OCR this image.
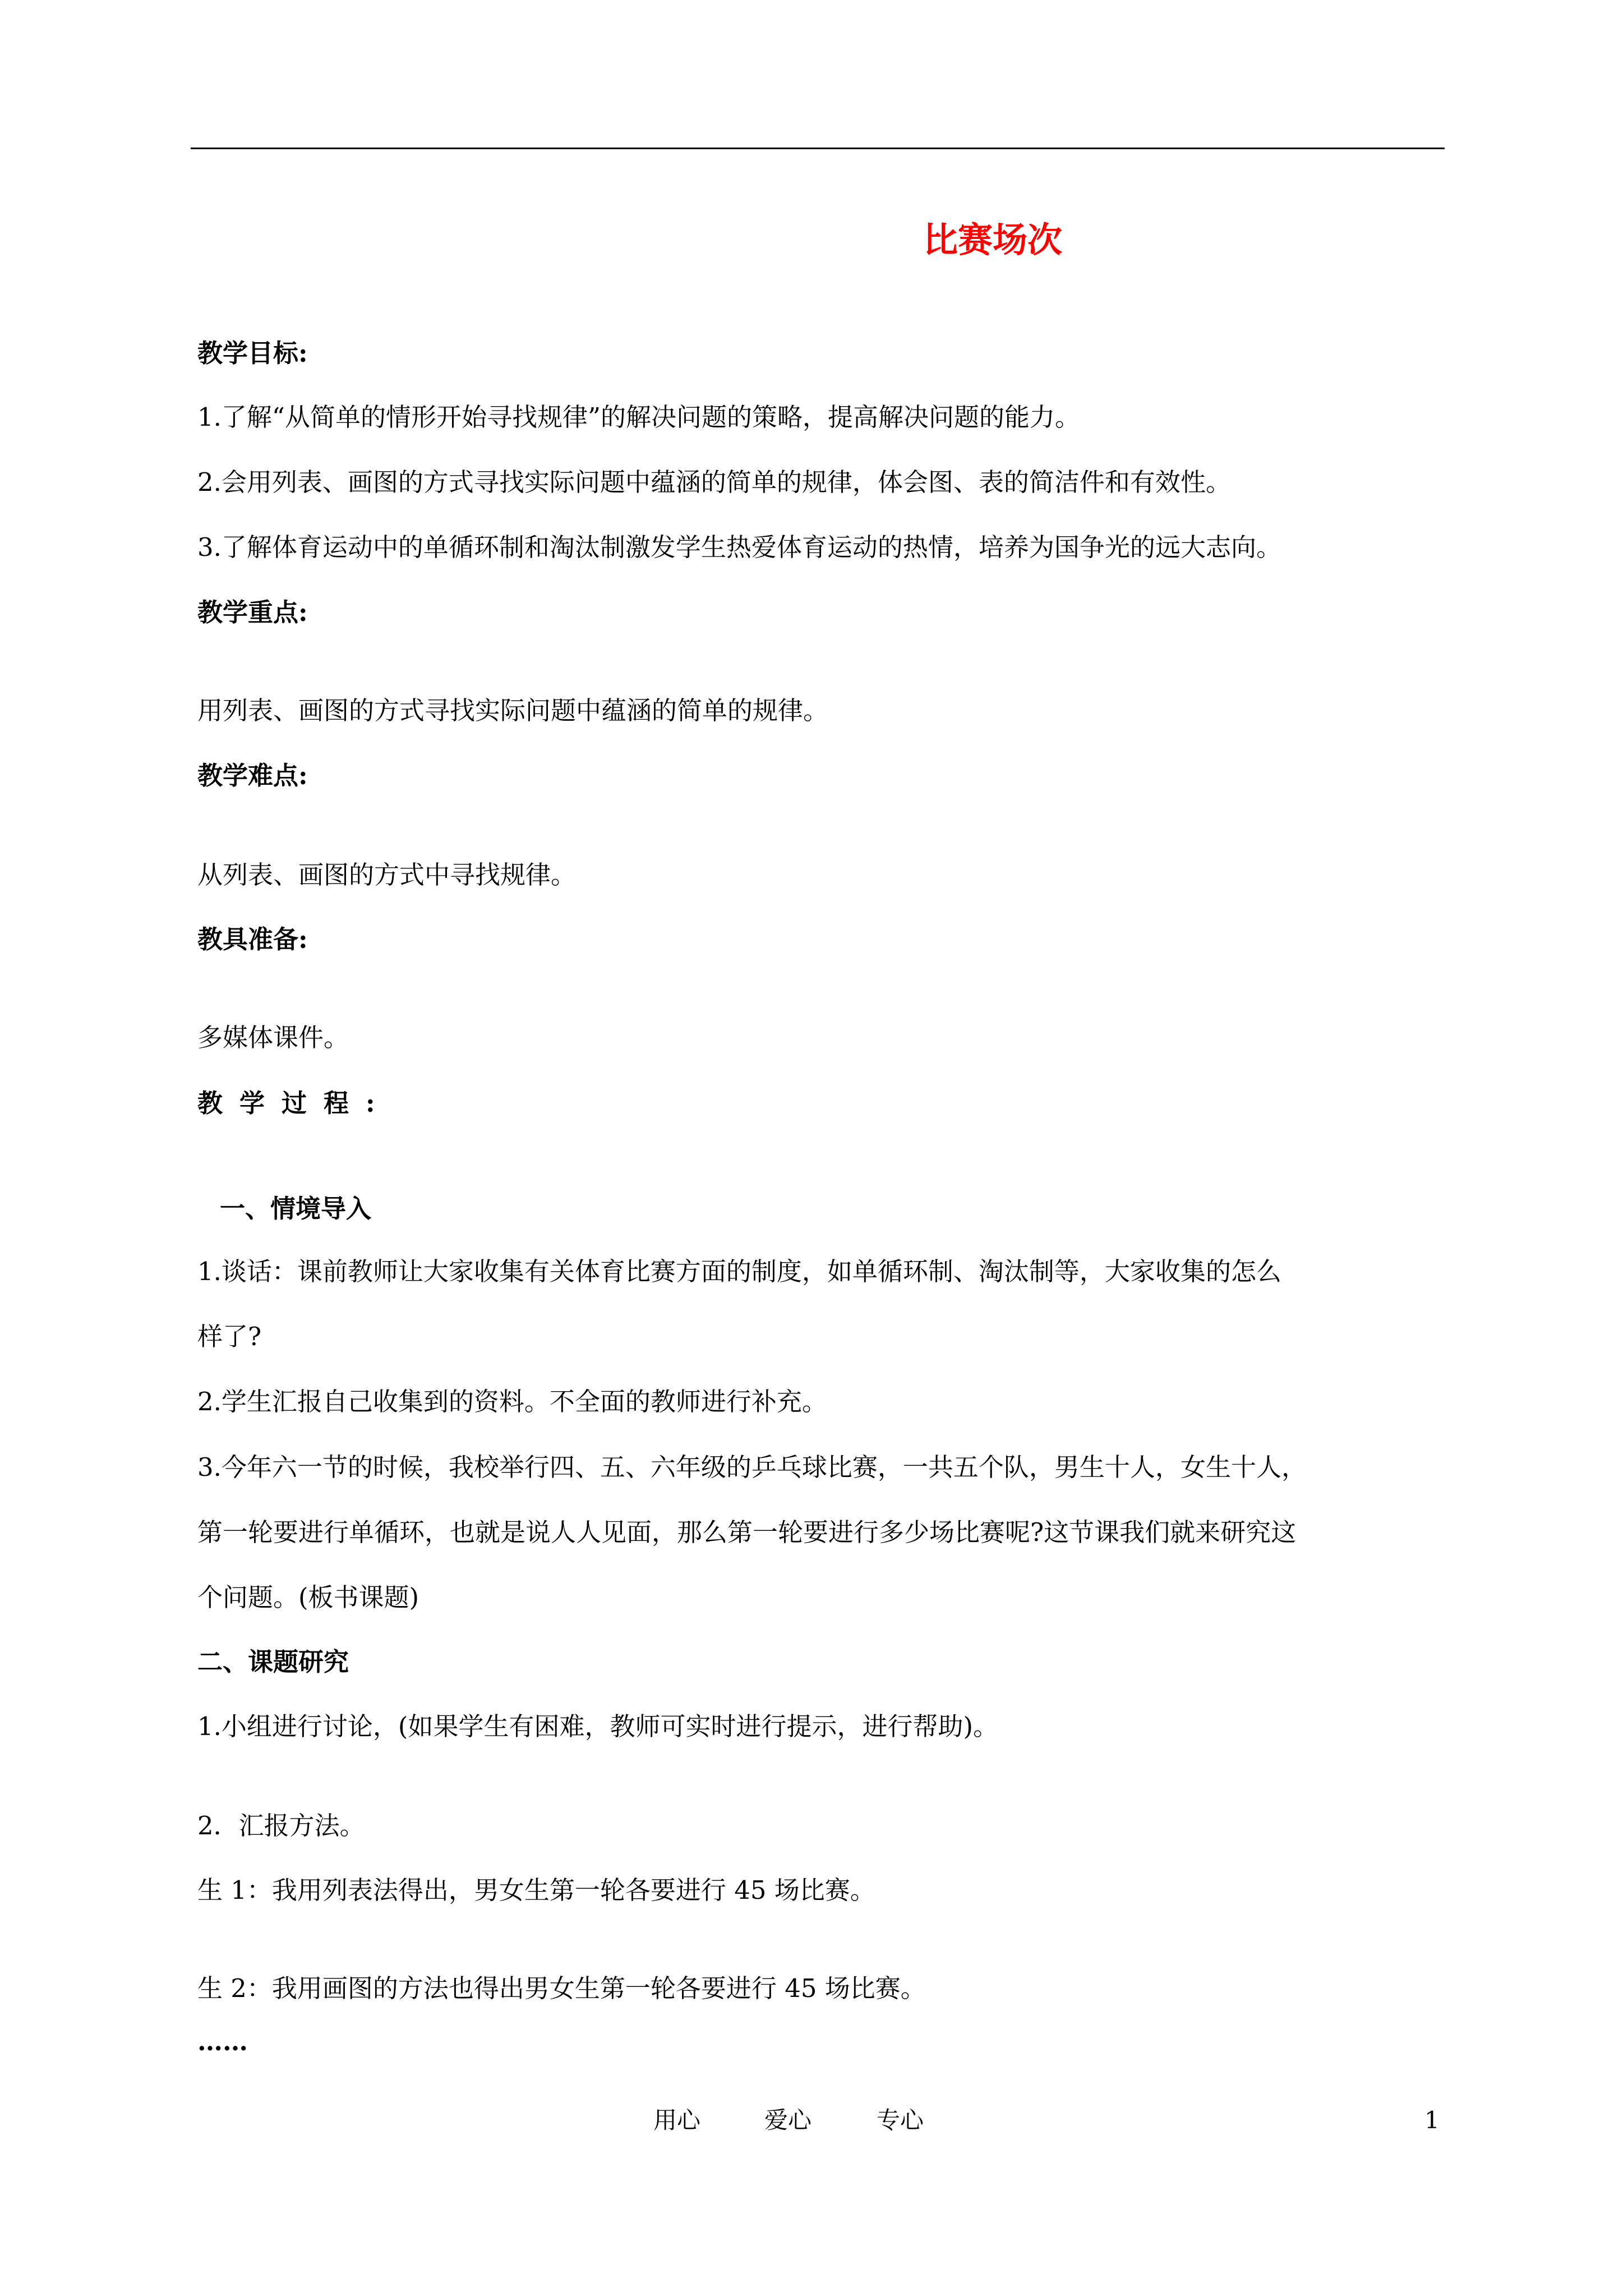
比赛场次
教学目标:
1.了解“从简单的情形开始寻找规律”的解决问题的策略，提高解决问题的能力。
2.会用列表、画图的方式寻找实际问题中蕴涵的简单的规律，体会图、表的简洁件和有效性。
3.了解体育运动中的单循环制和淘汰制激发学生热爱体育运动的热情，培养为国争光的远大志向。
教学重点:
用列表、画图的方式寻找实际问题中蕴涵的简单的规律。
教学难点:
从列表、画图的方式中寻找规律。
教具准备:
多媒体课件。
教学过程:
一、情境导入
1.谈话：课前教师让大家收集有关体育比赛方面的制度，如单循环制、淘汰制等，大家收集的怎么
样了?
2.学生汇报自己收集到的资料。不全面的教师进行补充。
3.今年六一节的时候，我校举行四、五、六年级的乒乓球比赛，一共五个队，男生十人，女生十人，
第一轮要进行单循环，也就是说人人见面，那么第一轮要进行多少场比赛呢?这节课我们就来研究这
个问题。(板书课题)
二、课题研究
1.小组进行讨论，(如果学生有困难，教师可实时进行提示，进行帮助)。
2．汇报方法。
生 1：我用列表法得出，男女生第一轮各要进行 45 场比赛。
生 2：我用画图的方法也得出男女生第一轮各要进行 45 场比赛。
……
用心	爱心	专心	1
